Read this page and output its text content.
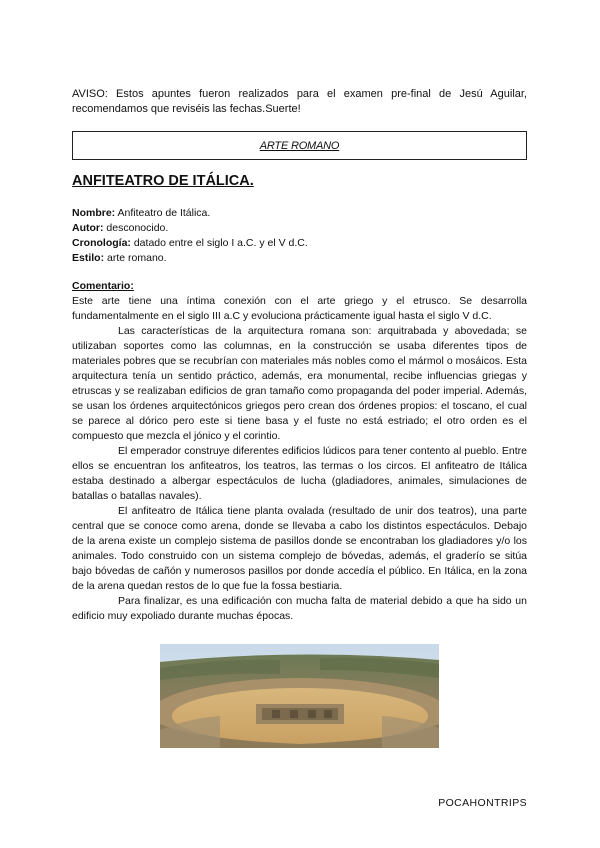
AVISO: Estos apuntes fueron realizados para el examen pre-final de Jesú Aguilar, recomendamos que reviséis las fechas.Suerte!
ARTE ROMANO
ANFITEATRO DE ITÁLICA.
Nombre: Anfiteatro de Itálica.
Autor: desconocido.
Cronología: datado entre el siglo I a.C. y el V d.C.
Estilo: arte romano.
Comentario:

Este arte tiene una íntima conexión con el arte griego y el etrusco. Se desarrolla fundamentalmente en el siglo III a.C y evoluciona prácticamente igual hasta el siglo V d.C.

Las características de la arquitectura romana son: arquitrabada y abovedada; se utilizaban soportes como las columnas, en la construcción se usaba diferentes tipos de materiales pobres que se recubrían con materiales más nobles como el mármol o mosáicos. Esta arquitectura tenía un sentido práctico, además, era monumental, recibe influencias griegas y etruscas y se realizaban edificios de gran tamaño como propaganda del poder imperial. Además, se usan los órdenes arquitectónicos griegos pero crean dos órdenes propios: el toscano, el cual se parece al dórico pero este si tiene basa y el fuste no está estriado; el otro orden es el compuesto que mezcla el jónico y el corintio.

El emperador construye diferentes edificios lúdicos para tener contento al pueblo. Entre ellos se encuentran los anfiteatros, los teatros, las termas o los circos. El anfiteatro de Itálica estaba destinado a albergar espectáculos de lucha (gladiadores, animales, simulaciones de batallas o batallas navales).

El anfiteatro de Itálica tiene planta ovalada (resultado de unir dos teatros), una parte central que se conoce como arena, donde se llevaba a cabo los distintos espectáculos. Debajo de la arena existe un complejo sistema de pasillos donde se encontraban los gladiadores y/o los animales. Todo construido con un sistema complejo de bóvedas, además, el graderío se sitúa bajo bóvedas de cañón y numerosos pasillos por donde accedía el público. En Itálica, en la zona de la arena quedan restos de lo que fue la fossa bestiaria.

Para finalizar, es una edificación con mucha falta de material debido a que ha sido un edificio muy expoliado durante muchas épocas.

POCAHONTRIPS
